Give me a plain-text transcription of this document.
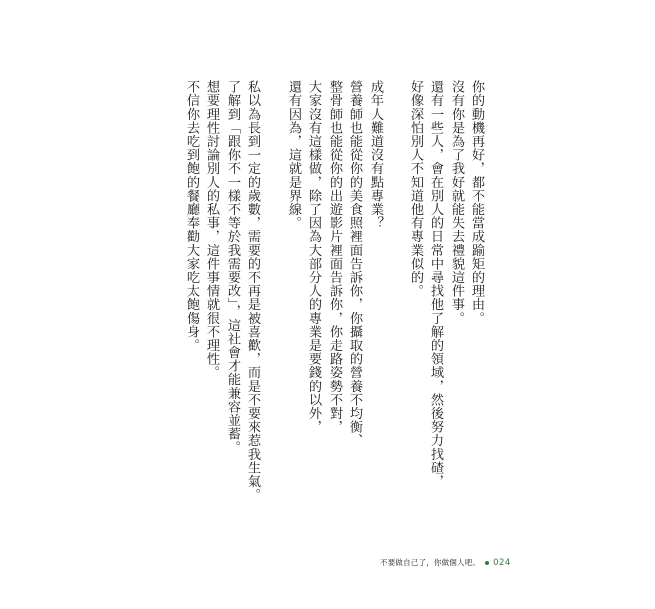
你的動機再好，都不能當成踰矩的理由。
沒有你是為了我好就能失去禮貌這件事。
還有一些人，會在別人的日常中尋找他了解的領域，然後努力找碴，
好像深怕別人不知道他有專業似的。
成年人難道沒有點專業？
營養師也能從你的美食照裡面告訴你，你攝取的營養不均衡、
整骨師也能從你的出遊影片裡面告訴你，你走路姿勢不對，
大家沒有這樣做，除了因為大部分人的專業是要錢的以外，
還有因為，這就是界線。
私以為長到一定的歲數，需要的不再是被喜歡，而是不要來惹我生氣。
了解到「跟你不一樣不等於我需要改」，這社會才能兼容並蓄。
想要理性討論別人的私事，這件事情就很不理性。
不信你去吃到飽的餐廳奉勸大家吃太飽傷身。
不要做自己了，你做個人吧。 024
